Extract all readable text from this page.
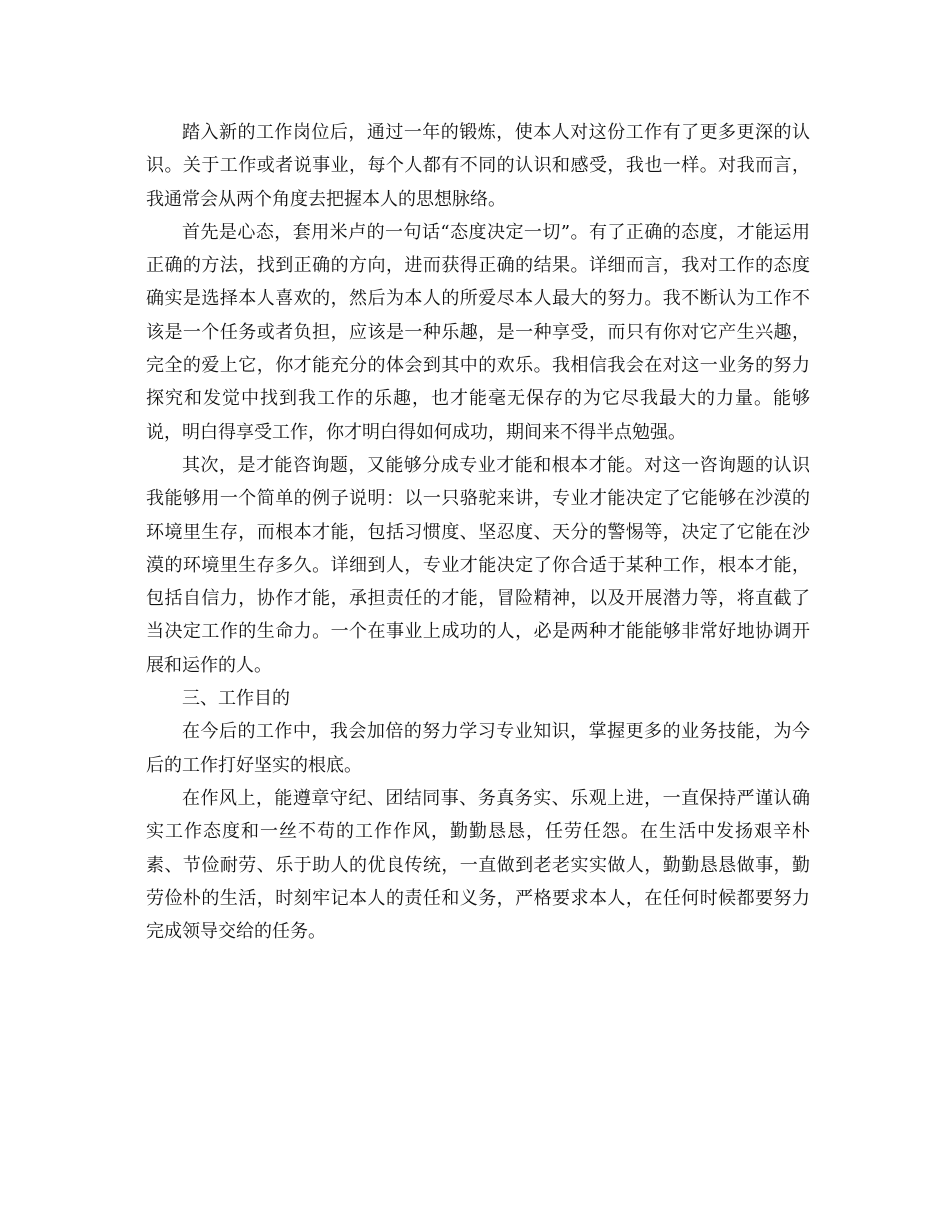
踏入新的工作岗位后，通过一年的锻炼，使本人对这份工作有了更多更深的认识。关于工作或者说事业，每个人都有不同的认识和感受，我也一样。对我而言，我通常会从两个角度去把握本人的思想脉络。

首先是心态，套用米卢的一句话“态度决定一切”。有了正确的态度，才能运用正确的方法，找到正确的方向，进而获得正确的结果。详细而言，我对工作的态度确实是选择本人喜欢的，然后为本人的所爱尽本人最大的努力。我不断认为工作不该是一个任务或者负担，应该是一种乐趣，是一种享受，而只有你对它产生兴趣，完全的爱上它，你才能充分的体会到其中的欢乐。我相信我会在对这一业务的努力探究和发觉中找到我工作的乐趣，也才能毫无保存的为它尽我最大的力量。能够说，明白得享受工作，你才明白得如何成功，期间来不得半点勉强。

其次，是才能咨询题，又能够分成专业才能和根本才能。对这一咨询题的认识我能够用一个简单的例子说明：以一只骆驼来讲，专业才能决定了它能够在沙漠的环境里生存，而根本才能，包括习惯度、坚忍度、天分的警惕等，决定了它能在沙漠的环境里生存多久。详细到人，专业才能决定了你合适于某种工作，根本才能，包括自信力，协作才能，承担责任的才能，冒险精神，以及开展潜力等，将直截了当决定工作的生命力。一个在事业上成功的人，必是两种才能能够非常好地协调开展和运作的人。

三、工作目的

在今后的工作中，我会加倍的努力学习专业知识，掌握更多的业务技能，为今后的工作打好坚实的根底。

在作风上，能遵章守纪、团结同事、务真务实、乐观上进，一直保持严谨认确实工作态度和一丝不苟的工作作风，勤勤恳恳，任劳任怨。在生活中发扬艰辛朴素、节俭耐劳、乐于助人的优良传统，一直做到老老实实做人，勤勤恳恳做事，勤劳俭朴的生活，时刻牢记本人的责任和义务，严格要求本人，在任何时候都要努力完成领导交给的任务。
